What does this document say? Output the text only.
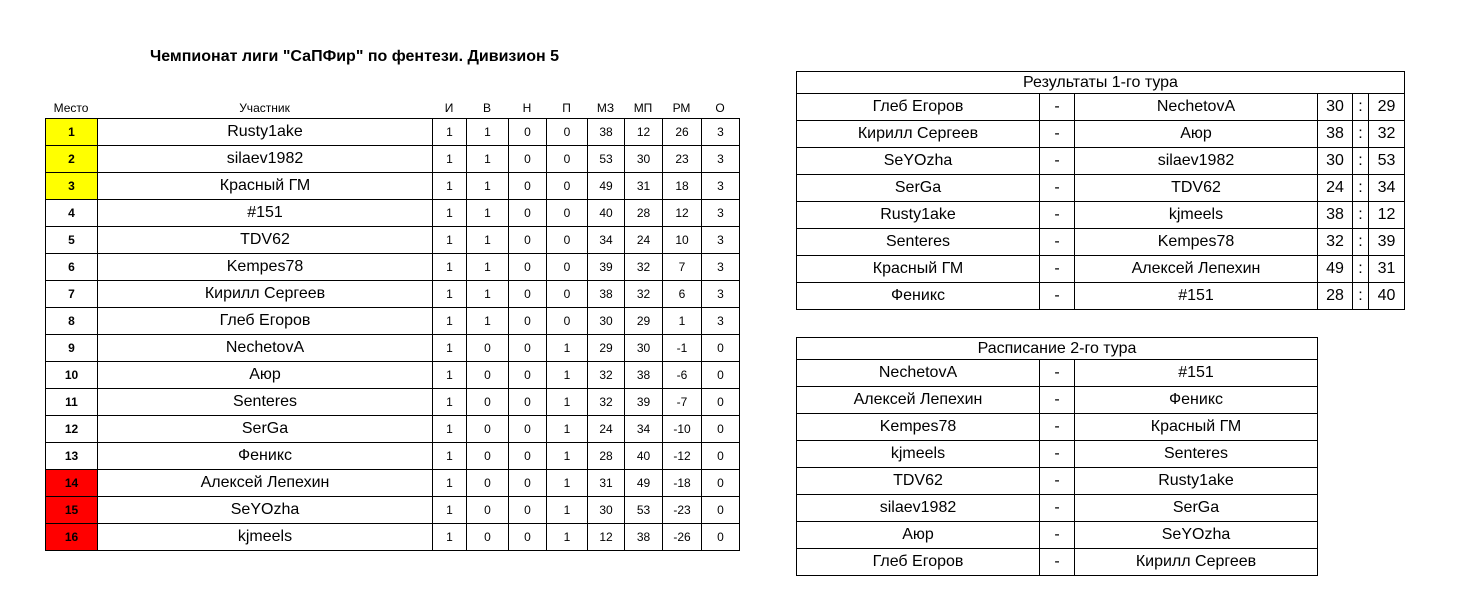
Чемпионат лиги "СаПФир" по фентези. Дивизион 5
Место	Участник	И	В	Н	П	МЗ	МП	РМ	О
1	Rusty1ake	1	1	0	0	38	12	26	3
2	silaev1982	1	1	0	0	53	30	23	3
3	Красный ГМ	1	1	0	0	49	31	18	3
4	#151	1	1	0	0	40	28	12	3
5	TDV62	1	1	0	0	34	24	10	3
6	Kempes78	1	1	0	0	39	32	7	3
7	Кирилл Сергеев	1	1	0	0	38	32	6	3
8	Глеб Егоров	1	1	0	0	30	29	1	3
9	NechetovA	1	0	0	1	29	30	-1	0
10	Аюр	1	0	0	1	32	38	-6	0
11	Senteres	1	0	0	1	32	39	-7	0
12	SerGa	1	0	0	1	24	34	-10	0
13	Феникс	1	0	0	1	28	40	-12	0
14	Алексей Лепехин	1	0	0	1	31	49	-18	0
15	SeYOzha	1	0	0	1	30	53	-23	0
16	kjmeels	1	0	0	1	12	38	-26	0
Результаты 1-го тура					
Глеб Егоров	-	NechetovA	30	:	29
Кирилл Сергеев	-	Аюр	38	:	32
SeYOzha	-	silaev1982	30	:	53
SerGa	-	TDV62	24	:	34
Rusty1ake	-	kjmeels	38	:	12
Senteres	-	Kempes78	32	:	39
Красный ГМ	-	Алексей Лепехин	49	:	31
Феникс	-	#151	28	:	40
Расписание 2-го тура		
NechetovA	-	#151
Алексей Лепехин	-	Феникс
Kempes78	-	Красный ГМ
kjmeels	-	Senteres
TDV62	-	Rusty1ake
silaev1982	-	SerGa
Аюр	-	SeYOzha
Глеб Егоров	-	Кирилл Сергеев
